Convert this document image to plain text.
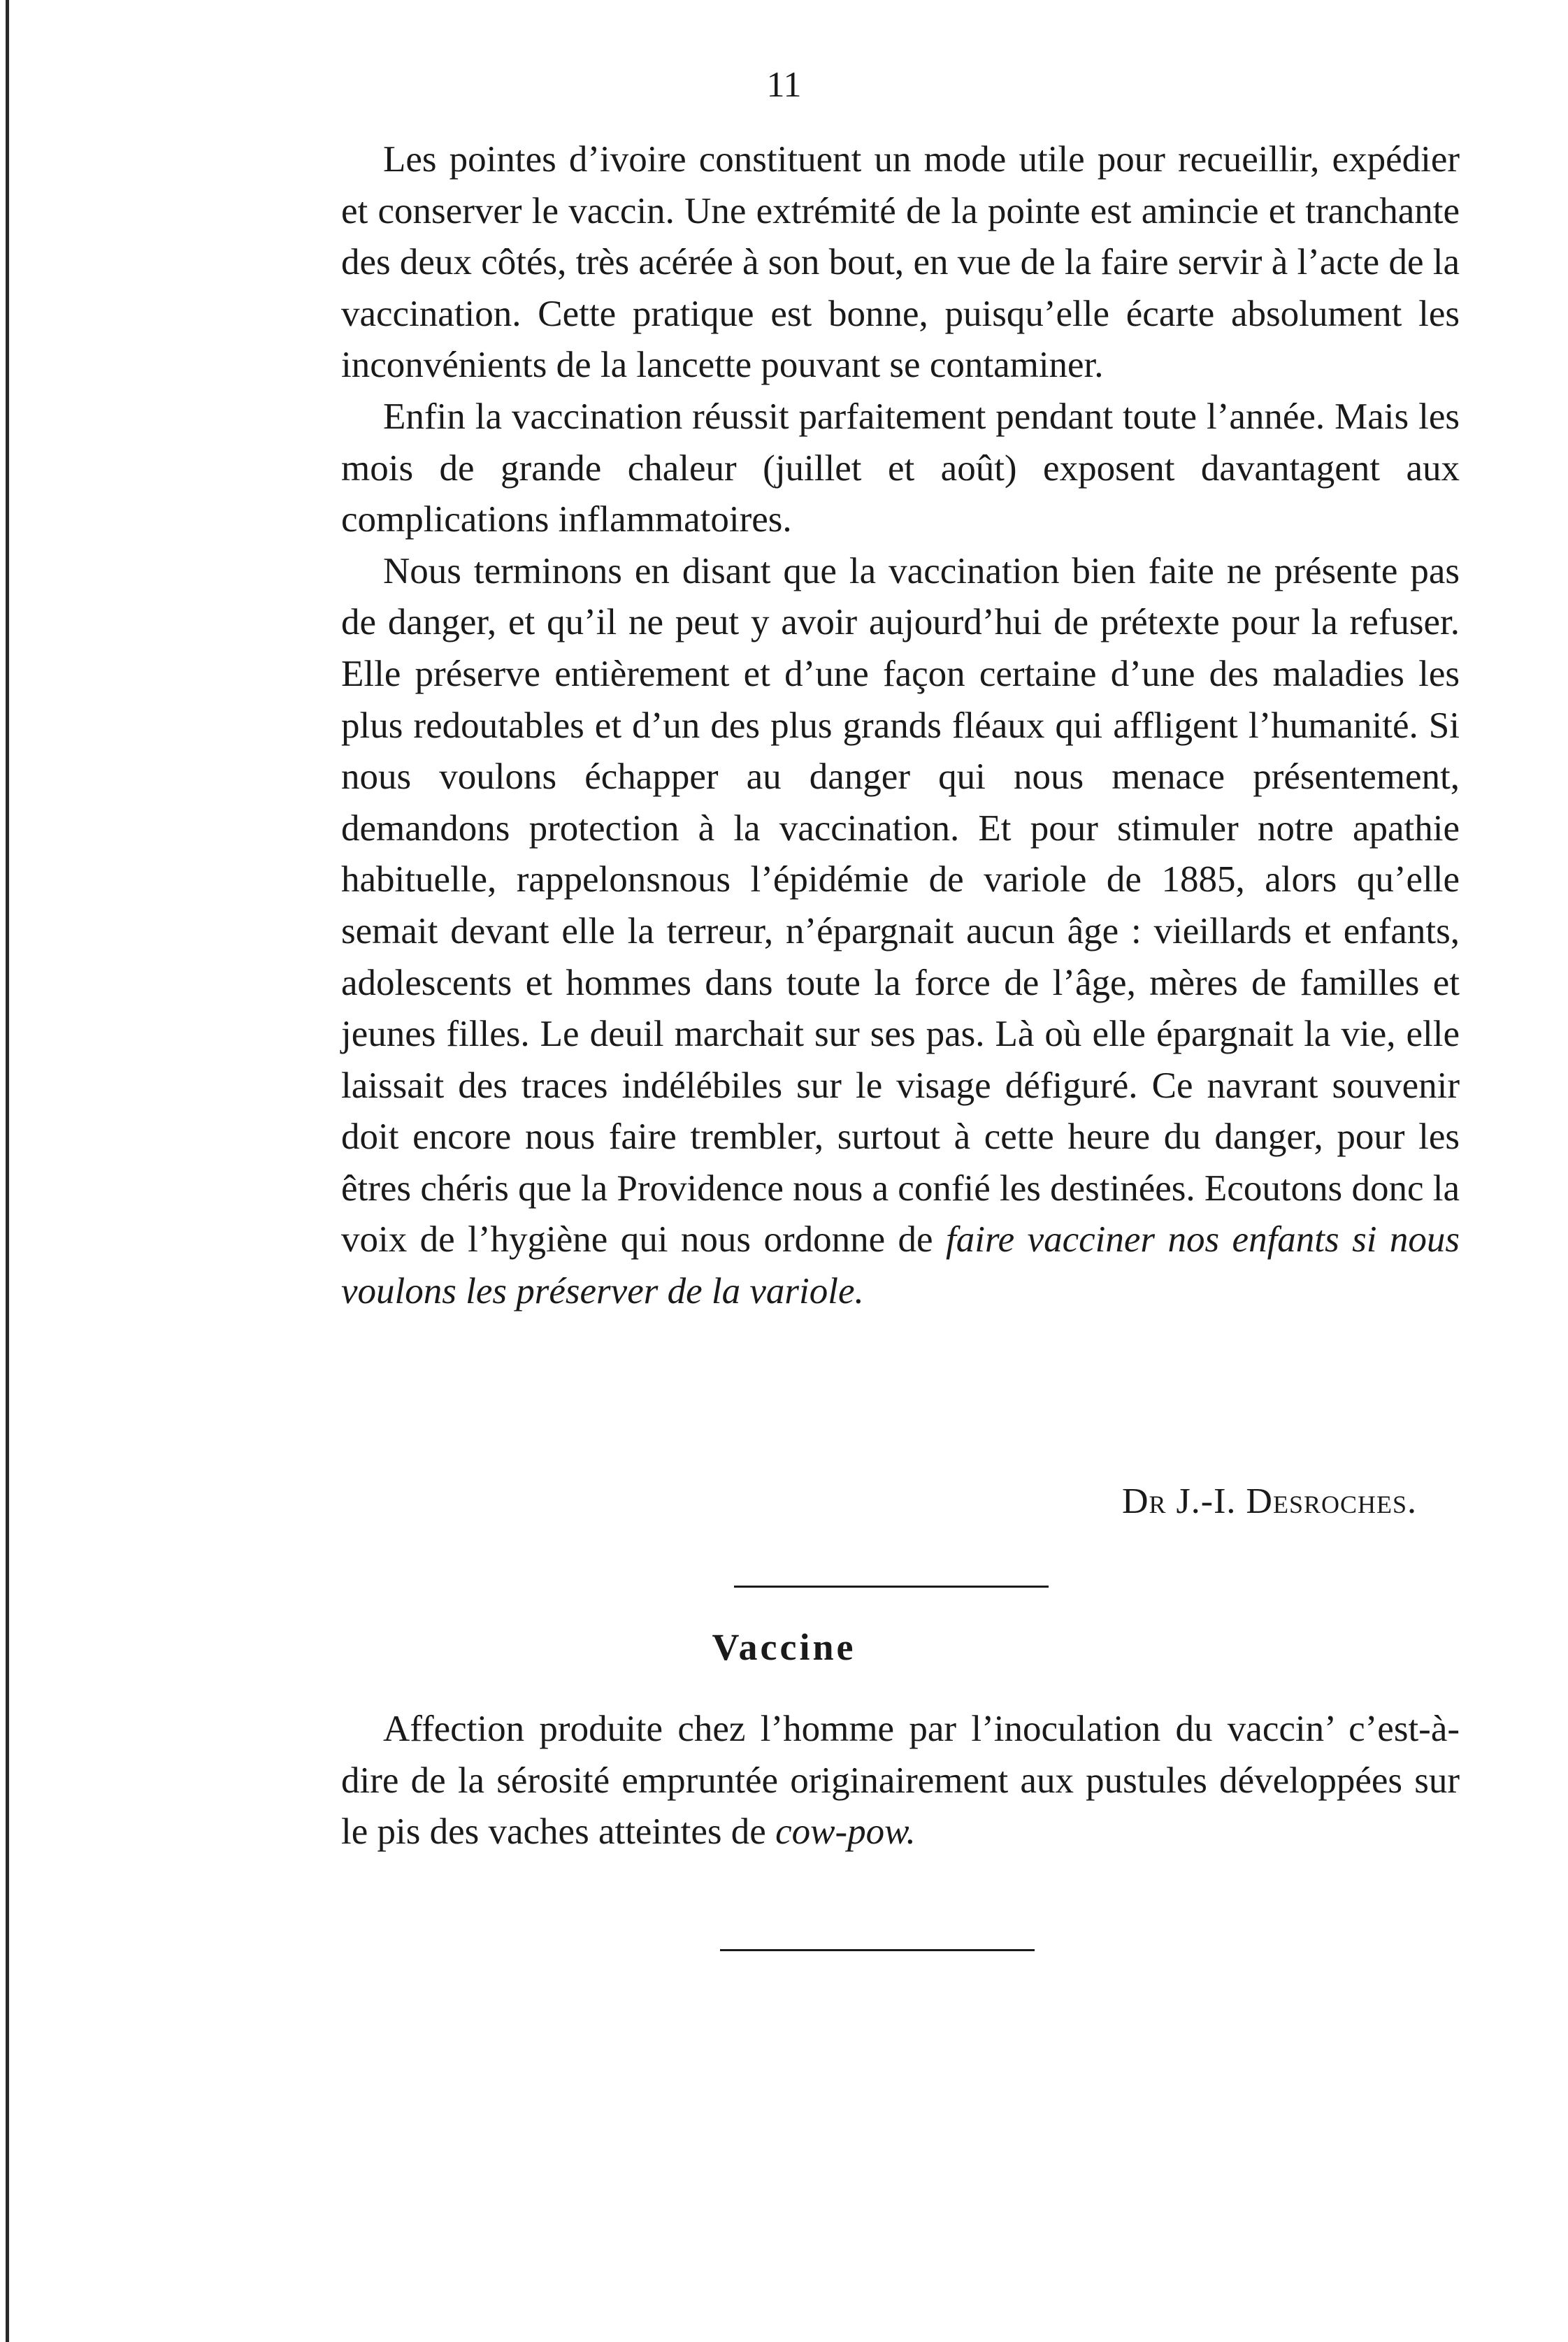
11

Les pointes d’ivoire constituent un mode utile pour recueillir, expédier et conserver le vaccin. Une extrémité de la pointe est amincie et tranchante des deux côtés, très acérée à son bout, en vue de la faire servir à l’acte de la vaccination. Cette pratique est bonne, puisqu’elle écarte absolument les inconvénients de la lancette pouvant se contaminer.

Enfin la vaccination réussit parfaitement pendant toute l’année. Mais les mois de grande chaleur (juillet et août) exposent davantagent aux complications inflammatoires.

Nous terminons en disant que la vaccination bien faite ne présente pas de danger, et qu’il ne peut y avoir aujourd’hui de prétexte pour la refuser. Elle préserve entièrement et d’une façon certaine d’une des maladies les plus redoutables et d’un des plus grands fléaux qui affligent l’humanité. Si nous voulons échapper au danger qui nous menace présentement, demandons protection à la vaccination. Et pour stimuler notre apathie habituelle, rappelonsnous l’épidémie de variole de 1885, alors qu’elle semait devant elle la terreur, n’épargnait aucun âge : vieillards et enfants, adolescents et hommes dans toute la force de l’âge, mères de familles et jeunes filles. Le deuil marchait sur ses pas. Là où elle épargnait la vie, elle laissait des traces indélébiles sur le visage défiguré. Ce navrant souvenir doit encore nous faire trembler, surtout à cette heure du danger, pour les êtres chéris que la Providence nous a confié les destinées. Ecoutons donc la voix de l’hygiène qui nous ordonne de faire vacciner nos enfants si nous voulons les préserver de la variole.

Dr J.-I. Desroches.
Vaccine

Affection produite chez l’homme par l’inoculation du vaccin’ c’est-à-dire de la sérosité empruntée originairement aux pustules développées sur le pis des vaches atteintes de cow-pow.
